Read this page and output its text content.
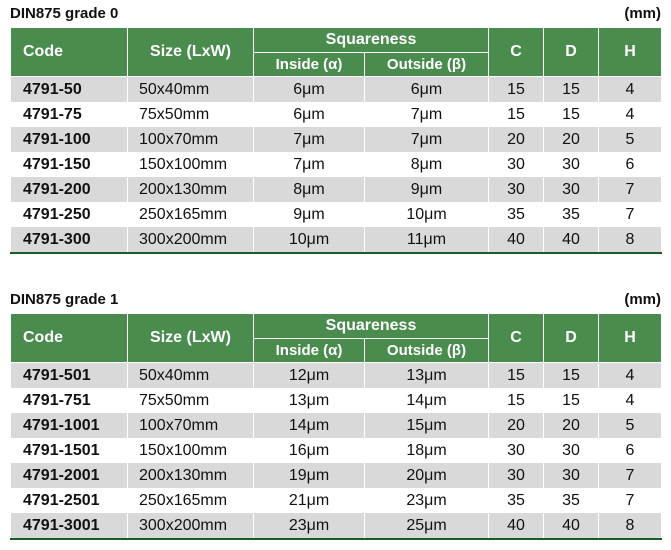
DIN875 grade 0	(mm)
Code	Size (LxW)	Squareness		C	D	H
		Inside (α)	Outside (β)			
4791-50	50x40mm	6μm	6μm	15	15	4
4791-75	75x50mm	6μm	7μm	15	15	4
4791-100	100x70mm	7μm	7μm	20	20	5
4791-150	150x100mm	7μm	8μm	30	30	6
4791-200	200x130mm	8μm	9μm	30	30	7
4791-250	250x165mm	9μm	10μm	35	35	7
4791-300	300x200mm	10μm	11μm	40	40	8
DIN875 grade 1	(mm)
Code	Size (LxW)	Squareness		C	D	H
		Inside (α)	Outside (β)			
4791-501	50x40mm	12μm	13μm	15	15	4
4791-751	75x50mm	13μm	14μm	15	15	4
4791-1001	100x70mm	14μm	15μm	20	20	5
4791-1501	150x100mm	16μm	18μm	30	30	6
4791-2001	200x130mm	19μm	20μm	30	30	7
4791-2501	250x165mm	21μm	23μm	35	35	7
4791-3001	300x200mm	23μm	25μm	40	40	8
